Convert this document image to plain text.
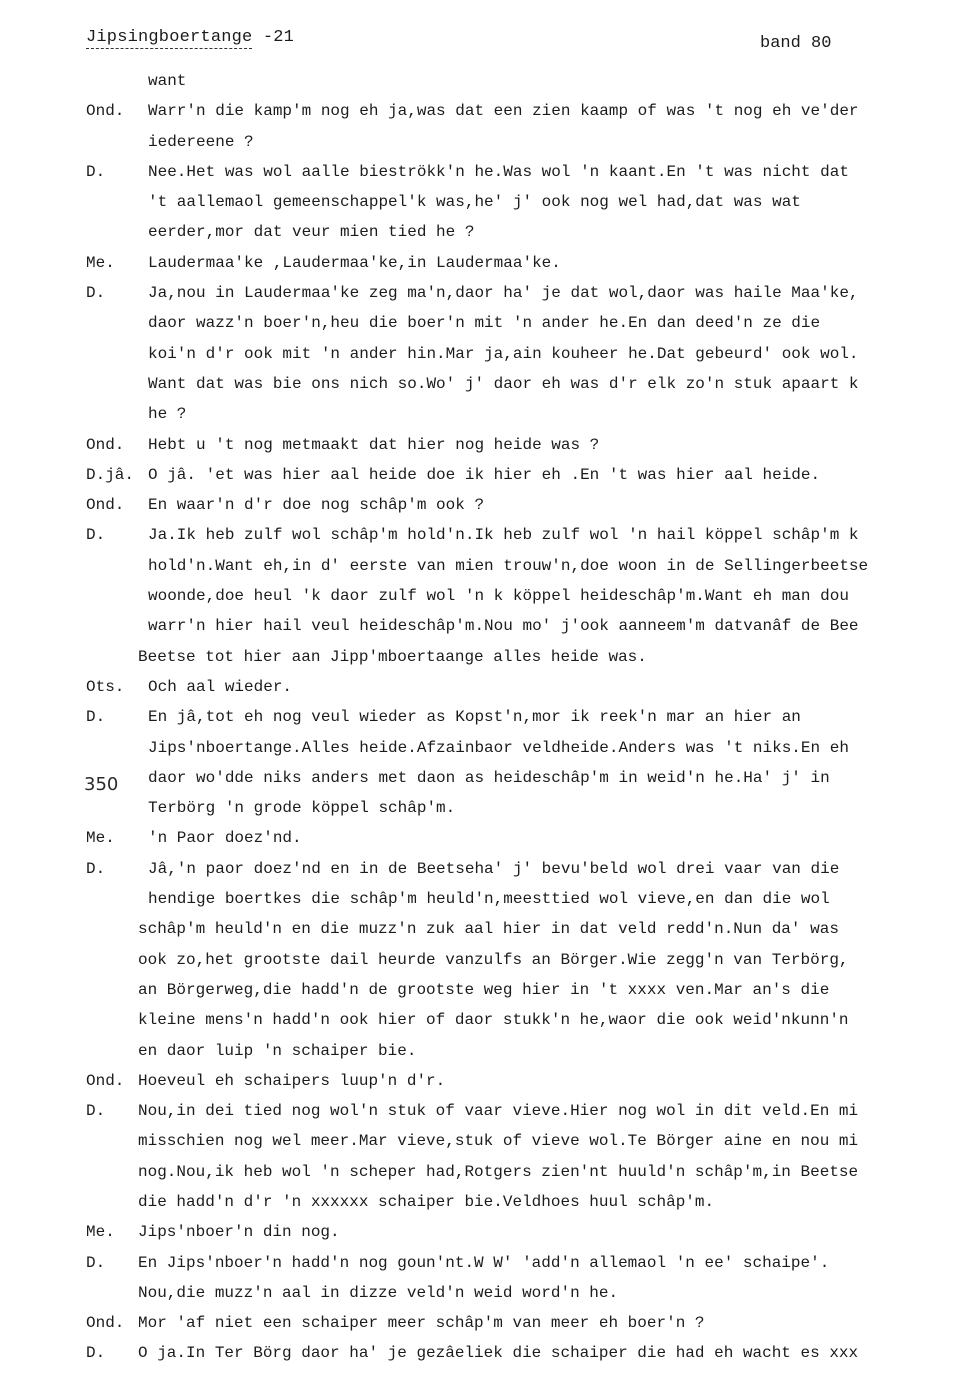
Jipsingboertange -21	band 80
350
want
Ond. Warr'n die kamp'm nog eh ja,was dat een zien kaamp of was 't nog eh ve'der
iedereene ?
D.	Nee.Het was wol aalle bieströkk'n he.Was wol 'n kaant.En 't was nicht dat
't aallemaol gemeenschappel'k was,he' j' ook nog wel had,dat was wat
eerder,mor dat veur mien tied he ?
Me. Laudermaa'ke ,Laudermaa'ke,in Laudermaa'ke.
D.	Ja,nou in Laudermaa'ke zeg ma'n,daor ha' je dat wol,daor was haile Maa'ke,
daor wazz'n boer'n,heu die boer'n mit 'n ander he.En dan deed'n ze die
koi'n d'r ook mit 'n ander hin.Mar ja,ain kouheer he.Dat gebeurd' ook wol.
Want dat was bie ons nich so.Wo' j' daor eh was d'r elk zo'n stuk apaart k
he ?
Ond. Hebt u 't nog metmaakt dat hier nog heide was ?
D.jâ. O jâ. 'et was hier aal heide doe ik hier eh .En 't was hier aal heide.
Ond. En waar'n d'r doe nog schâp'm ook ?
D.	Ja.Ik heb zulf wol schâp'm hold'n.Ik heb zulf wol 'n hail köppel schâp'm k
hold'n.Want eh,in d' eerste van mien trouw'n,doe woon in de Sellingerbeetse
woonde,doe heul 'k daor zulf wol 'n k köppel heideschâp'm.Want eh man dou
warr'n hier hail veul heideschâp'm.Nou mo' j'ook aanneem'm datvanâf de Bee
Beetse tot hier aan Jipp'mboertaange alles heide was.
Ots. Och aal wieder.
D.	En jâ,tot eh nog veul wieder as Kopst'n,mor ik reek'n mar an hier an
Jips'nboertange.Alles heide.Afzainbaor veldheide.Anders was 't niks.En eh
daor wo'dde niks anders met daon as heideschâp'm in weid'n he.Ha' j' in
Terbörg 'n grode köppel schâp'm.
Me. 'n Paor doez'nd.
D.	Jâ,'n paor doez'nd en in de Beetseha' j' bevu'beld wol drei vaar van die
hendige boertkes die schâp'm heuld'n,meesttied wol vieve,en dan die wol
schâp'm heuld'n en die muzz'n zuk aal hier in dat veld redd'n.Nun da' was
ook zo,het grootste dail heurde vanzulfs an Börger.Wie zegg'n van Terbörg,
an Börgerweg,die hadd'n de grootste weg hier in 't xxxx ven.Mar an's die
kleine mens'n hadd'n ook hier of daor stukk'n he,waor die ook weid'nkunn'n
en daor luip 'n schaiper bie.
Ond. Hoeveul eh schaipers luup'n d'r.
D. Nou,in dei tied nog wol'n stuk of vaar vieve.Hier nog wol in dit veld.En mi
misschien nog wel meer.Mar vieve,stuk of vieve wol.Te Börger aine en nou mi
nog.Nou,ik heb wol 'n scheper had,Rotgers zien'nt huuld'n schâp'm,in Beetse
die hadd'n d'r 'n xxxxxx schaiper bie.Veldhoes huul schâp'm.
Me. Jips'nboer'n din nog.
D. En Jips'nboer'n hadd'n nog goun'nt.W W' 'add'n allemaol 'n ee' schaipe'.
Nou,die muzz'n aal in dizze veld'n weid word'n he.
Ond. Mor 'af niet een schaiper meer schâp'm van meer eh boer'n ?
D. O ja.In Ter Börg daor ha' je gezâeliek die schaiper die had eh wacht es xxx
